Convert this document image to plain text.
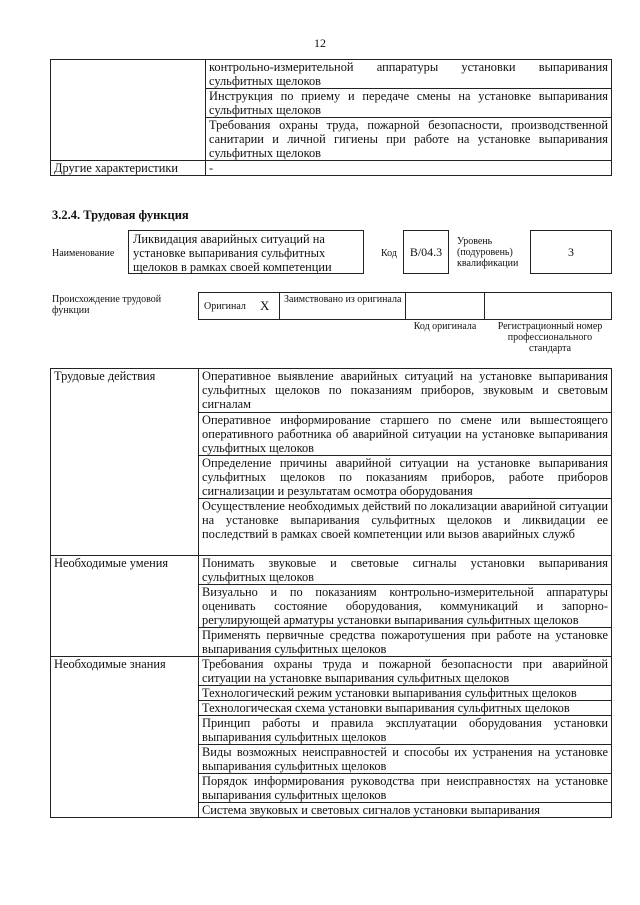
12
	контрольно-измерительной аппаратуры установки выпаривания сульфитных щелоков
	Инструкция по приему и передаче смены на установке выпаривания сульфитных щелоков
	Требования охраны труда, пожарной безопасности, производственной санитарии и личной гигиены при работе на установке выпаривания сульфитных щелоков
Другие характеристики	-
3.2.4. Трудовая функция
Наименование
Ликвидация аварийных ситуаций на установке выпаривания сульфитных щелоков в рамках своей компетенции
Код	B/04.3
Уровень (подуровень) квалификации
3
Происхождение трудовой функции	Оригинал X Заимствовано из оригинала
Код оригинала	Регистрационный номер профессионального стандарта
Трудовые действия	Оперативное выявление аварийных ситуаций на установке выпаривания сульфитных щелоков по показаниям приборов, звуковым и световым сигналам
	Оперативное информирование старшего по смене или вышестоящего оперативного работника об аварийной ситуации на установке выпаривания сульфитных щелоков
	Определение причины аварийной ситуации на установке выпаривания сульфитных щелоков по показаниям приборов, работе приборов сигнализации и результатам осмотра оборудования
	Осуществление необходимых действий по локализации аварийной ситуации на установке выпаривания сульфитных щелоков и ликвидации ее последствий в рамках своей компетенции или вызов аварийных служб
Необходимые умения	Понимать звуковые и световые сигналы установки выпаривания сульфитных щелоков
	Визуально и по показаниям контрольно-измерительной аппаратуры оценивать состояние оборудования, коммуникаций и запорно-регулирующей арматуры установки выпаривания сульфитных щелоков
	Применять первичные средства пожаротушения при работе на установке выпаривания сульфитных щелоков
Необходимые знания	Требования охраны труда и пожарной безопасности при аварийной ситуации на установке выпаривания сульфитных щелоков
	Технологический режим установки выпаривания сульфитных щелоков
	Технологическая схема установки выпаривания сульфитных щелоков
	Принцип работы и правила эксплуатации оборудования установки выпаривания сульфитных щелоков
	Виды возможных неисправностей и способы их устранения на установке выпаривания сульфитных щелоков
	Порядок информирования руководства при неисправностях на установке выпаривания сульфитных щелоков
	Система звуковых и световых сигналов установки выпаривания
